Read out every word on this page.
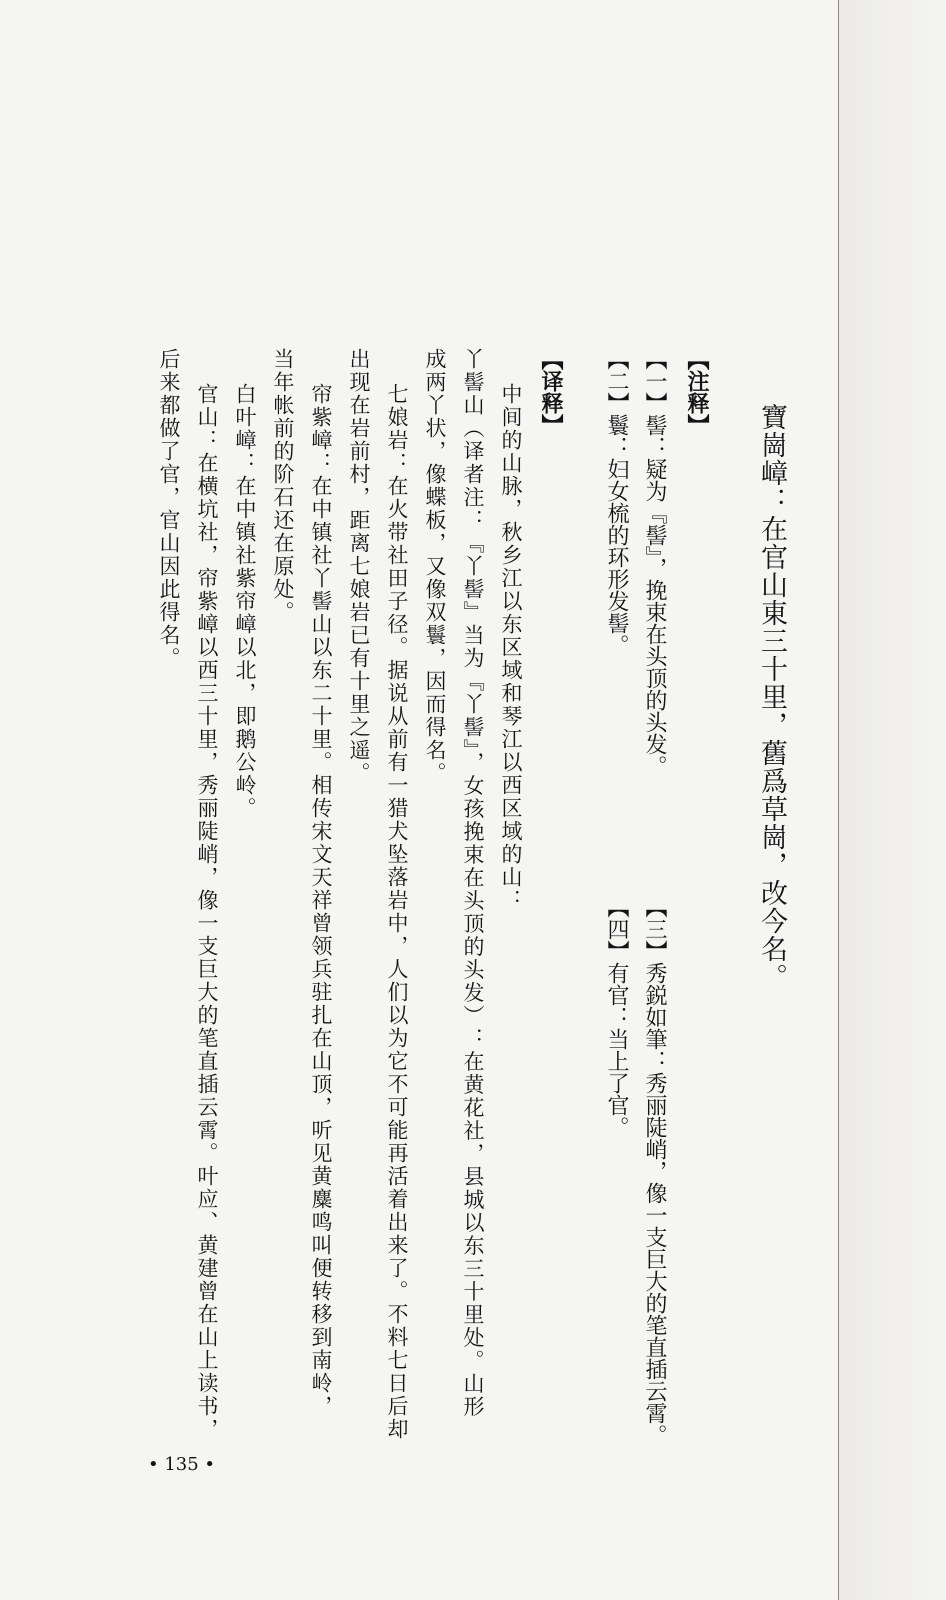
寶崗嶂：在官山東三十里，舊爲草崗，改今名。
【注释】
【一】髻：疑为『髻』，挽束在头顶的头发。
【二】鬟：妇女梳的环形发髻。
【三】秀鋭如筆：秀丽陡峭，像一支巨大的笔直插云霄。
【四】有官：当上了官。
【译释】
中间的山脉，秋乡江以东区域和琴江以西区域的山：
丫髻山（译者注：『丫髻』当为『丫髻』，女孩挽束在头顶的头发）：在黄花社，县城以东三十里处。山形
成两丫状，像蝶板，又像双鬟，因而得名。
七娘岩：在火带社田子径。据说从前有一猎犬坠落岩中，人们以为它不可能再活着出来了。不料七日后却
出现在岩前村，距离七娘岩已有十里之遥。
帘紫嶂：在中镇社丫髻山以东二十里。相传宋文天祥曾领兵驻扎在山顶，听见黄麋鸣叫便转移到南岭，
当年帐前的阶石还在原处。
白叶嶂：在中镇社紫帘嶂以北，即鹅公岭。
官山：在横坑社，帘紫嶂以西三十里，秀丽陡峭，像一支巨大的笔直插云霄。叶应、黄建曾在山上读书，
后来都做了官，官山因此得名。
• 135 •
